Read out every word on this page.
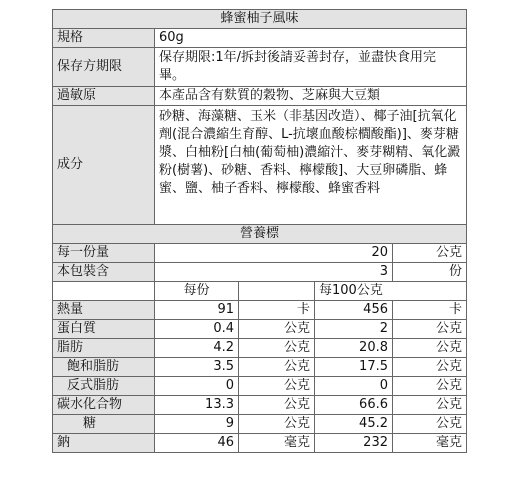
蜂蜜柚子風味	
規格	60g
保存方期限	保存期限:1年/拆封後請妥善封存，並盡快食用完畢。
過敏原	本產品含有麩質的穀物、芝麻與大豆類
成分	砂糖、海藻糖、玉米（非基因改造）、椰子油[抗氧化劑(混合濃縮生育醇、L-抗壞血酸棕櫚酸酯)]、麥芽糖漿、白柚粉[白柚(葡萄柚)濃縮汁、麥芽糊精、氧化澱粉(樹薯)、砂糖、香料、檸檬酸]、大豆卵磷脂、蜂蜜、鹽、柚子香料、檸檬酸、蜂蜜香料
營養標				
每一份量	20			公克
本包裝含	3			份
	每份		每100公克	
熱量	91	卡	456	卡
蛋白質	0.4	公克	2	公克
脂肪	4.2	公克	20.8	公克
飽和脂肪	3.5	公克	17.5	公克
反式脂肪	0	公克	0	公克
碳水化合物	13.3	公克	66.6	公克
糖	9	公克	45.2	公克
鈉	46	毫克	232	毫克
